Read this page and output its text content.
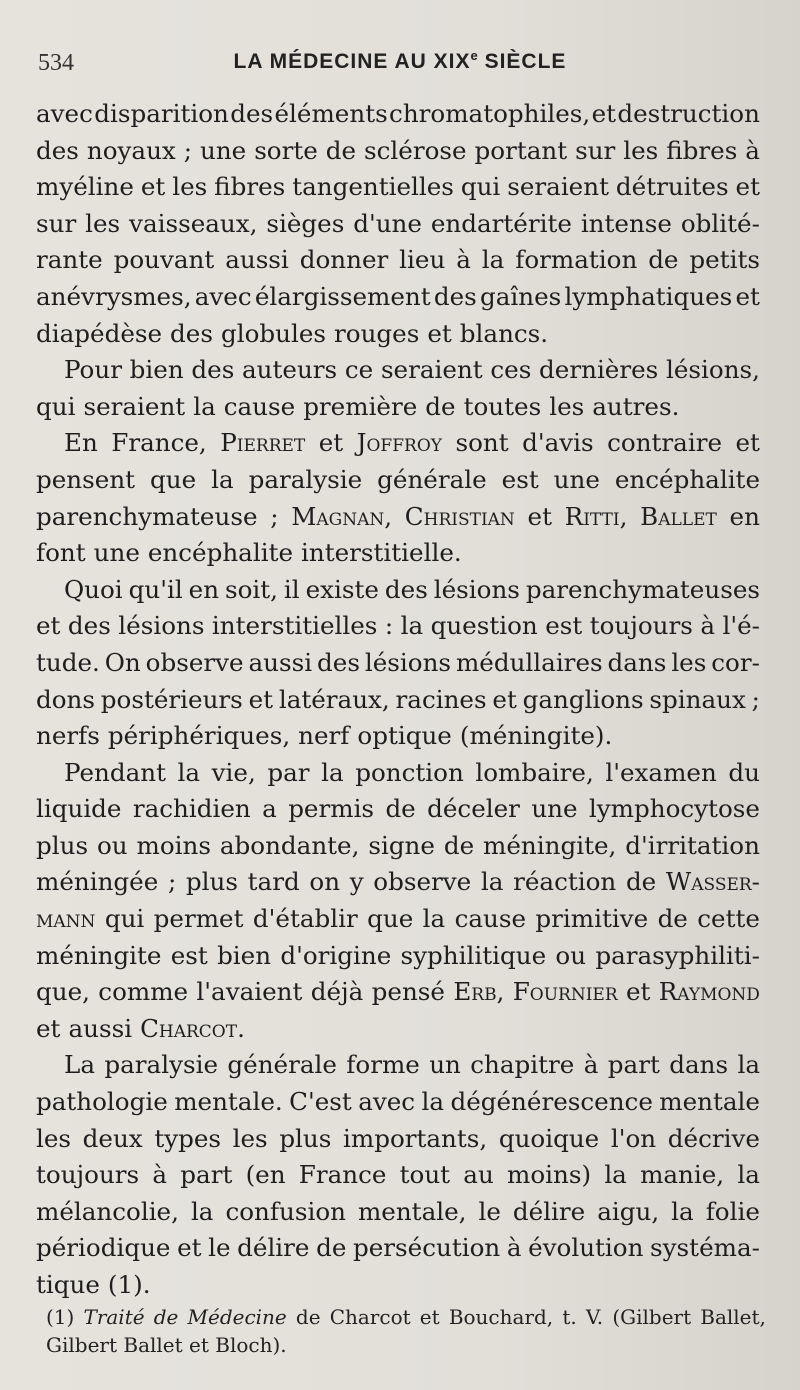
534	LA MÉDECINE AU XIXe SIÈCLE
avec disparition des éléments chromatophiles, et destruction
des noyaux ; une sorte de sclérose portant sur les fibres à
myéline et les fibres tangentielles qui seraient détruites et
sur les vaisseaux, sièges d'une endartérite intense oblité-
rante pouvant aussi donner lieu à la formation de petits
anévrysmes, avec élargissement des gaînes lymphatiques et
diapédèse des globules rouges et blancs.
Pour bien des auteurs ce seraient ces dernières lésions,
qui seraient la cause première de toutes les autres.
En France, Pierret et Joffroy sont d'avis contraire et
pensent que la paralysie générale est une encéphalite
parenchymateuse ; Magnan, Christian et Ritti, Ballet en
font une encéphalite interstitielle.
Quoi qu'il en soit, il existe des lésions parenchymateuses
et des lésions interstitielles : la question est toujours à l'é-
tude. On observe aussi des lésions médullaires dans les cor-
dons postérieurs et latéraux, racines et ganglions spinaux ;
nerfs périphériques, nerf optique (méningite).
Pendant la vie, par la ponction lombaire, l'examen du
liquide rachidien a permis de déceler une lymphocytose
plus ou moins abondante, signe de méningite, d'irritation
méningée ; plus tard on y observe la réaction de Wasser-
mann qui permet d'établir que la cause primitive de cette
méningite est bien d'origine syphilitique ou parasyphiliti-
que, comme l'avaient déjà pensé Erb, Fournier et Raymond
et aussi Charcot.
La paralysie générale forme un chapitre à part dans la
pathologie mentale. C'est avec la dégénérescence mentale
les deux types les plus importants, quoique l'on décrive
toujours à part (en France tout au moins) la manie, la
mélancolie, la confusion mentale, le délire aigu, la folie
périodique et le délire de persécution à évolution systéma-
tique (1).
(1) Traité de Médecine de Charcot et Bouchard, t. V. (Gilbert Ballet,
Gilbert Ballet et Bloch).
